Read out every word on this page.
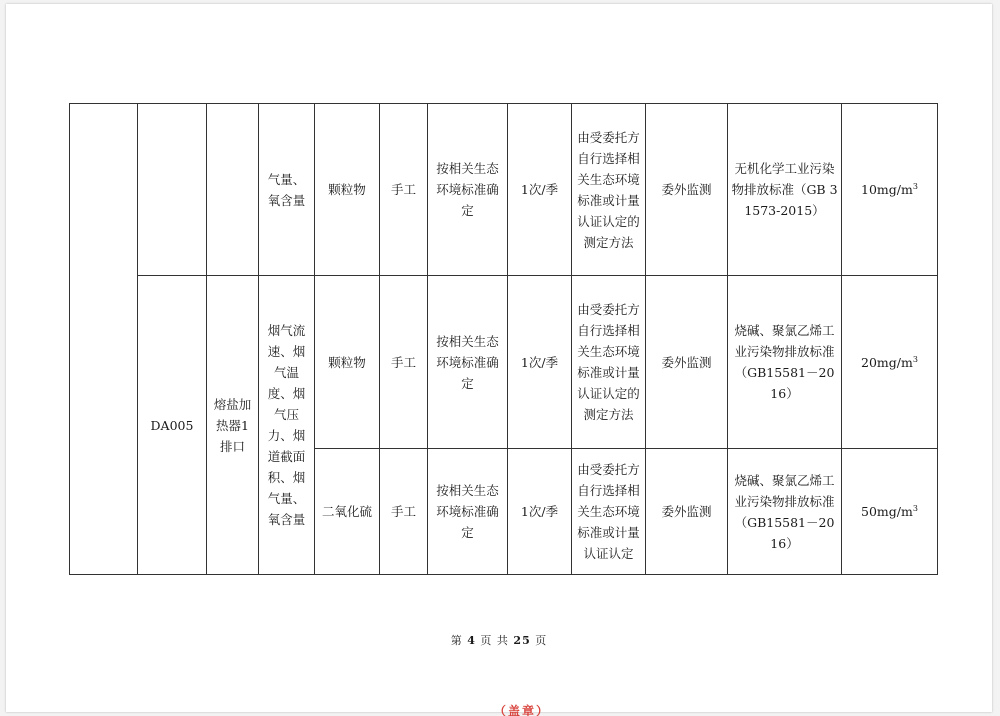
			气量、氧含量	颗粒物	手工	按相关生态环境标准确定	1次/季	由受委托方自行选择相关生态环境标准或计量认证认定的测定方法	委外监测	无机化学工业污染物排放标准（GB 31573-2015）	$10mg/m^3$

	DA005	熔盐加热器1排口	烟气流速、烟气温度、烟气压力、烟道截面积、烟气量、氧含量	颗粒物	手工	按相关生态环境标准确定	1次/季	由受委托方自行选择相关生态环境标准或计量认证认定的测定方法	委外监测	烧碱、聚氯乙烯工业污染物排放标准（GB15581－2016）	$20mg/m^3$

				二氧化硫	手工	按相关生态环境标准确定	1次/季	由受委托方自行选择相关生态环境标准或计量认证认定	委外监测	烧碱、聚氯乙烯工业污染物排放标准（GB15581－2016）	$50mg/m^3$
第 4 页 共 25 页
（盖章）
